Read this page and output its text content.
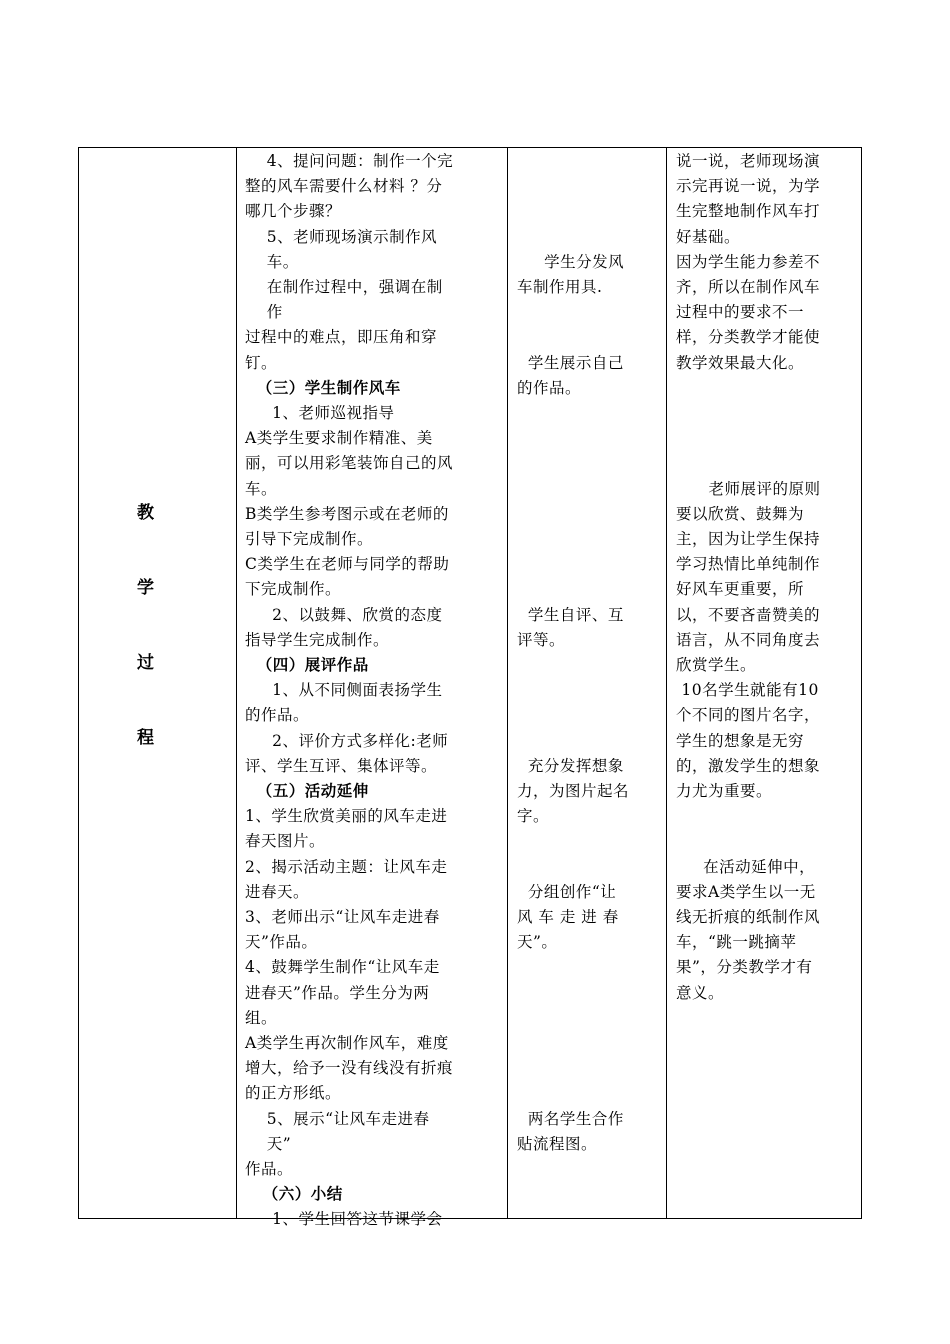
教
学
过
程
4、提问问题：制作一个完
整的风车需要什么材料 ？分
哪几个步骤？
5、老师现场演示制作风
车。
在制作过程中，强调在制
作
过程中的难点，即压角和穿
钉。
（三）学生制作风车
1、老师巡视指导
A类学生要求制作精准、美
丽，可以用彩笔装饰自己的风
车。
B类学生参考图示或在老师的
引导下完成制作。
C类学生在老师与同学的帮助
下完成制作。
2、以鼓舞、欣赏的态度
指导学生完成制作。
（四）展评作品
1、从不同侧面表扬学生
的作品。
2、评价方式多样化:老师
评、学生互评、集体评等。
（五）活动延伸
1、学生欣赏美丽的风车走进
春天图片。
2、揭示活动主题：让风车走
进春天。
3、老师出示“让风车走进春
天”作品。
4、鼓舞学生制作“让风车走
进春天”作品。学生分为两
组。
A类学生再次制作风车，难度
增大，给予一没有线没有折痕
的正方形纸。
5、展示“让风车走进春
天”
作品。
（六）小结
1、学生回答这节课学会
学生分发风
车制作用具.
学生展示自己
的作品。
学生自评、互
评等。
充分发挥想象
力，为图片起名
字。
分组创作“让
风 车 走 进 春
天”。
两名学生合作
贴流程图。
说一说，老师现场演
示完再说一说，为学
生完整地制作风车打
好基础。
因为学生能力参差不
齐，所以在制作风车
过程中的要求不一
样，分类教学才能使
教学效果最大化。
老师展评的原则
要以欣赏、鼓舞为
主，因为让学生保持
学习热情比单纯制作
好风车更重要，所
以，不要吝啬赞美的
语言，从不同角度去
欣赏学生。
10名学生就能有10
个不同的图片名字，
学生的想象是无穷
的，激发学生的想象
力尤为重要。
在活动延伸中，
要求A类学生以一无
线无折痕的纸制作风
车，“跳一跳摘苹
果”，分类教学才有
意义。
